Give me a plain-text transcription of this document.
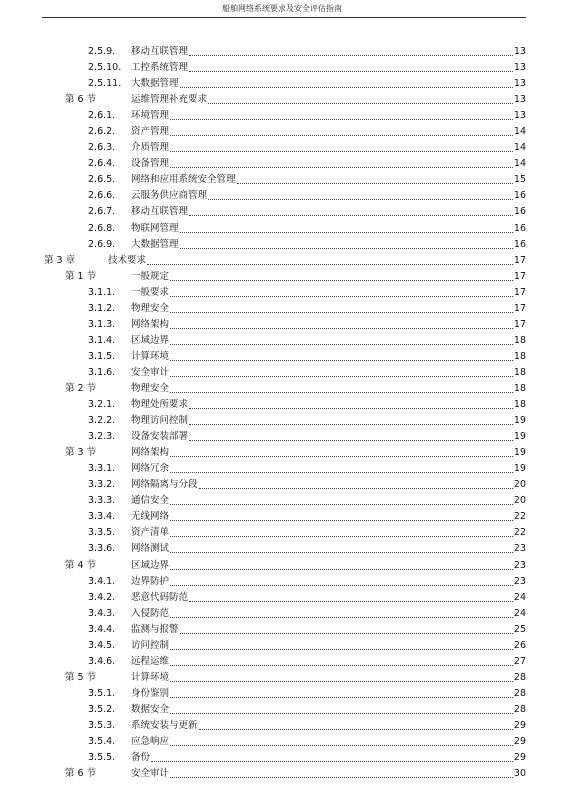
船舶网络系统要求及安全评估指南
2.5.9. 移动互联管理	13
2.5.10. 工控系统管理	13
2.5.11. 大数据管理	13
第 6 节	运维管理补充要求	13
2.6.1. 环境管理	13
2.6.2. 资产管理	14
2.6.3. 介质管理	14
2.6.4. 设备管理	14
2.6.5. 网络和应用系统安全管理	15
2.6.6. 云服务供应商管理	16
2.6.7. 移动互联管理	16
2.6.8. 物联网管理	16
2.6.9. 大数据管理	16
第 3 章	技术要求	17
第 1 节	一般规定	17
3.1.1. 一般要求	17
3.1.2. 物理安全	17
3.1.3. 网络架构	17
3.1.4. 区域边界	18
3.1.5. 计算环境	18
3.1.6. 安全审计	18
第 2 节	物理安全	18
3.2.1. 物理处所要求	18
3.2.2. 物理访问控制	19
3.2.3. 设备安装部署	19
第 3 节	网络架构	19
3.3.1. 网络冗余	19
3.3.2. 网络隔离与分段	20
3.3.3. 通信安全	20
3.3.4. 无线网络	22
3.3.5. 资产清单	22
3.3.6. 网络测试	23
第 4 节	区域边界	23
3.4.1. 边界防护	23
3.4.2. 恶意代码防范	24
3.4.3. 入侵防范	24
3.4.4. 监测与报警	25
3.4.5. 访问控制	26
3.4.6. 远程运维	27
第 5 节	计算环境	28
3.5.1. 身份鉴别	28
3.5.2. 数据安全	28
3.5.3. 系统安装与更新	29
3.5.4. 应急响应	29
3.5.5. 备份	29
第 6 节	安全审计	30
